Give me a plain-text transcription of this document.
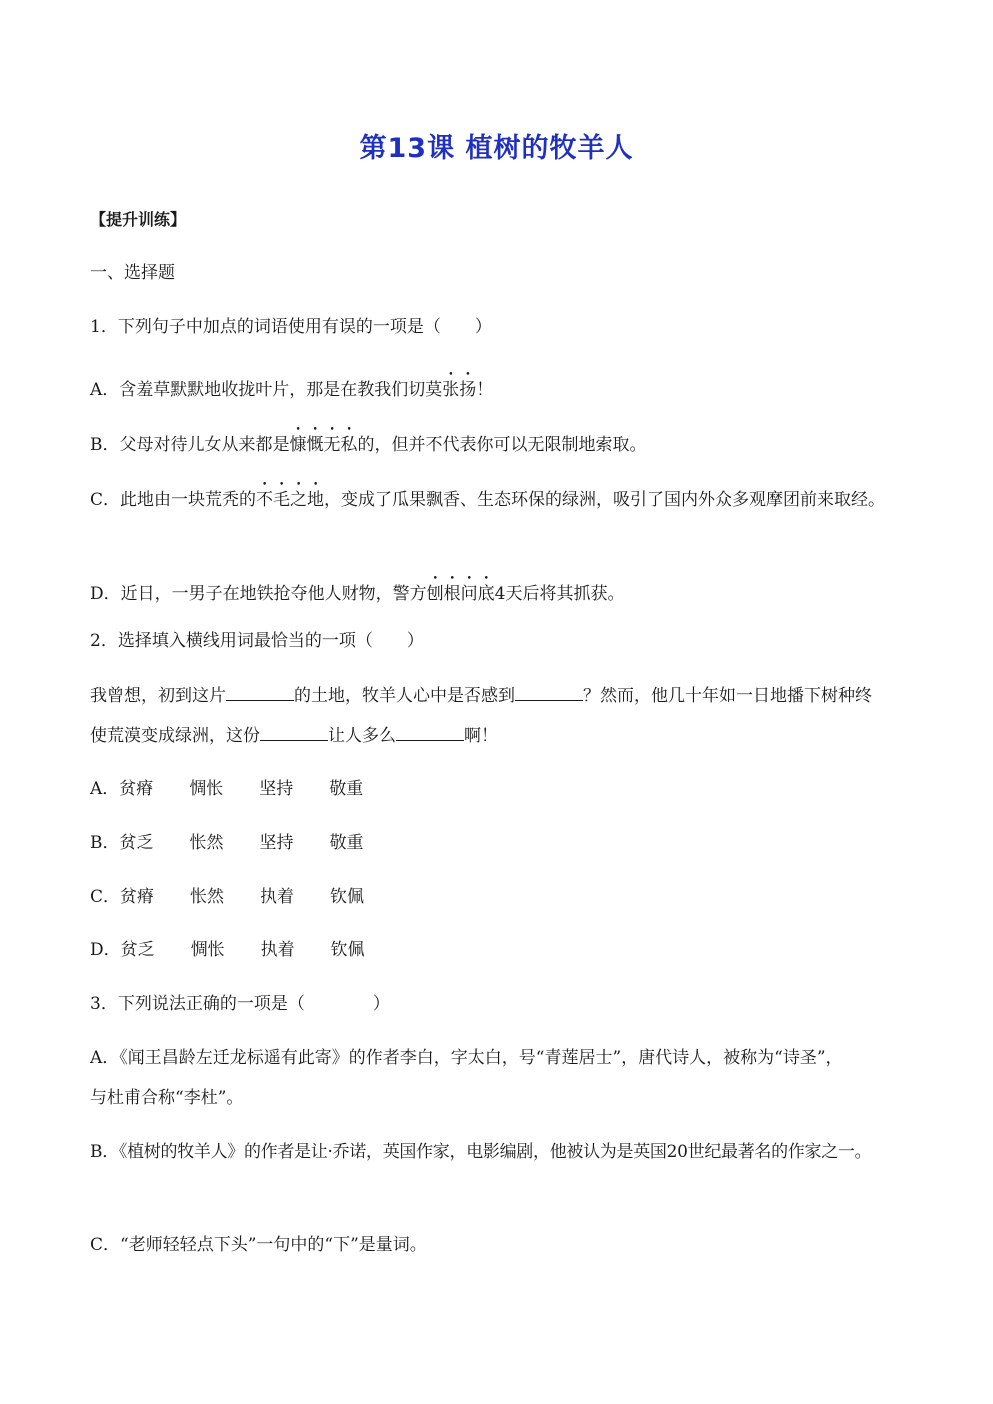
第13课 植树的牧羊人
【提升训练】
一、选择题
1．下列句子中加点的词语使用有误的一项是（　　）
A．含羞草默默地收拢叶片，那是在教我们切莫张扬！
B．父母对待儿女从来都是慷慨无私的，但并不代表你可以无限制地索取。
C．此地由一块荒秃的不毛之地，变成了瓜果飘香、生态环保的绿洲，吸引了国内外众多观摩团前来取经。
D．近日，一男子在地铁抢夺他人财物，警方刨根问底4天后将其抓获。
2．选择填入横线用词最恰当的一项（　　）
我曾想，初到这片	的土地，牧羊人心中是否感到	？然而，他几十年如一日地播下树种终
使荒漠变成绿洲，这份	让人多么	啊！
A．贫瘠 惆怅 坚持 敬重
B．贫乏 怅然 坚持 敬重
C．贫瘠 怅然 执着 钦佩
D．贫乏 惆怅 执着 钦佩
3．下列说法正确的一项是（　　　　）
A．《闻王昌龄左迁龙标遥有此寄》的作者李白，字太白，号“青莲居士”，唐代诗人，被称为“诗圣”，
与杜甫合称“李杜”。
B．《植树的牧羊人》的作者是让·乔诺，英国作家，电影编剧，他被认为是英国20世纪最著名的作家之一。
C．“老师轻轻点下头”一句中的“下”是量词。
